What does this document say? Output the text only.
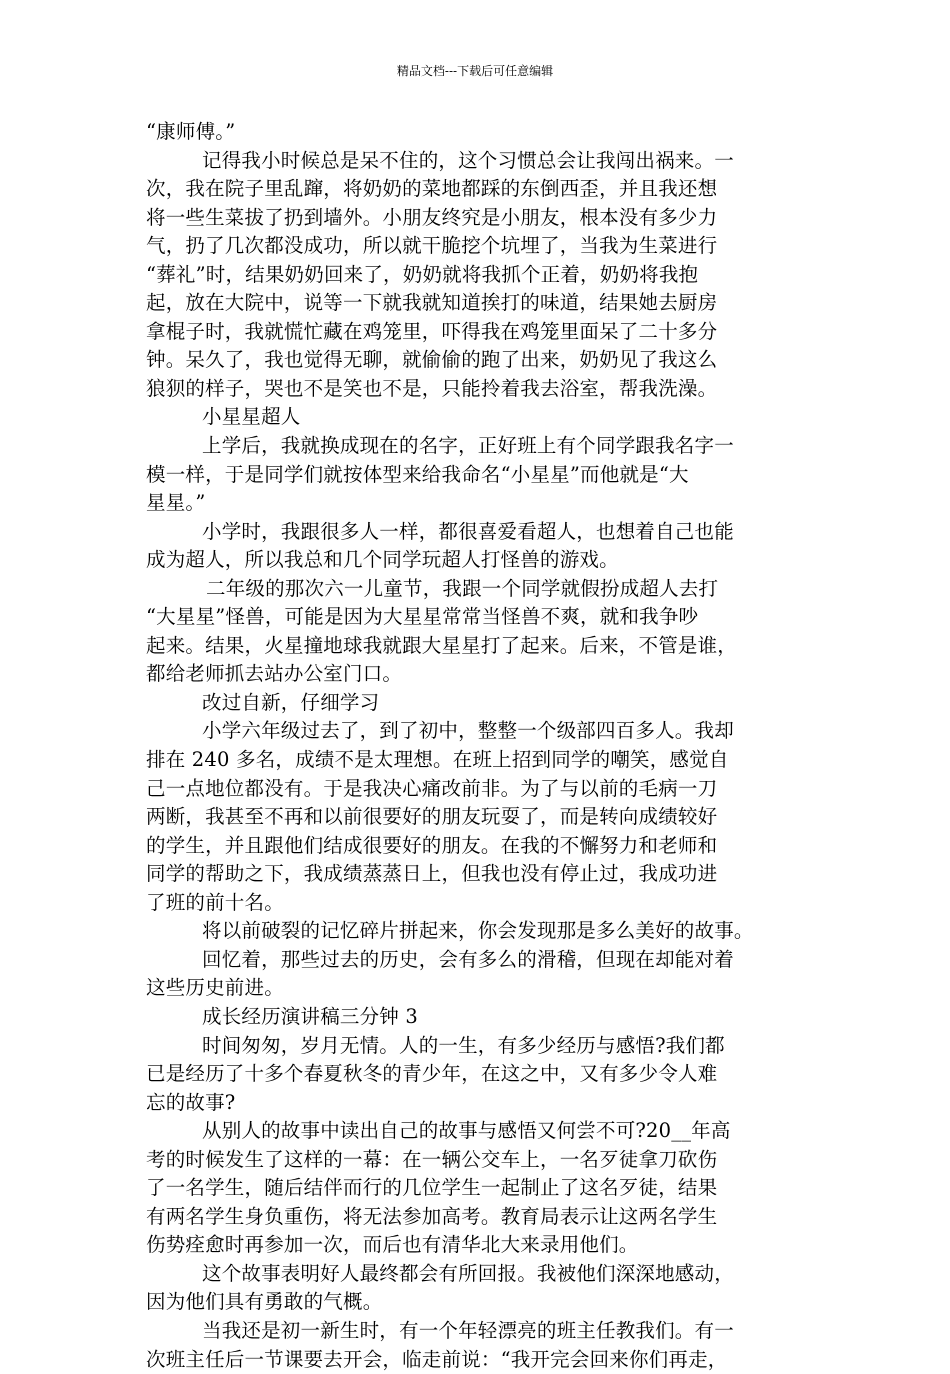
精品文档---下载后可任意编辑
“康师傅。”
记得我小时候总是呆不住的，这个习惯总会让我闯出祸来。一
次，我在院子里乱蹿，将奶奶的菜地都踩的东倒西歪，并且我还想
将一些生菜拔了扔到墙外。小朋友终究是小朋友，根本没有多少力
气，扔了几次都没成功，所以就干脆挖个坑埋了，当我为生菜进行
“葬礼”时，结果奶奶回来了，奶奶就将我抓个正着，奶奶将我抱
起，放在大院中，说等一下就我就知道挨打的味道，结果她去厨房
拿棍子时，我就慌忙藏在鸡笼里，吓得我在鸡笼里面呆了二十多分
钟。呆久了，我也觉得无聊，就偷偷的跑了出来，奶奶见了我这么
狼狈的样子，哭也不是笑也不是，只能拎着我去浴室，帮我洗澡。
小星星超人
上学后，我就换成现在的名字，正好班上有个同学跟我名字一
模一样，于是同学们就按体型来给我命名“小星星”而他就是“大
星星。”
小学时，我跟很多人一样，都很喜爱看超人，也想着自己也能
成为超人，所以我总和几个同学玩超人打怪兽的游戏。
二年级的那次六一儿童节，我跟一个同学就假扮成超人去打
“大星星”怪兽，可能是因为大星星常常当怪兽不爽，就和我争吵
起来。结果，火星撞地球我就跟大星星打了起来。后来，不管是谁，
都给老师抓去站办公室门口。
改过自新，仔细学习
小学六年级过去了，到了初中，整整一个级部四百多人。我却
排在 240 多名，成绩不是太理想。在班上招到同学的嘲笑，感觉自
己一点地位都没有。于是我决心痛改前非。为了与以前的毛病一刀
两断，我甚至不再和以前很要好的朋友玩耍了，而是转向成绩较好
的学生，并且跟他们结成很要好的朋友。在我的不懈努力和老师和
同学的帮助之下，我成绩蒸蒸日上，但我也没有停止过，我成功进
了班的前十名。
将以前破裂的记忆碎片拼起来，你会发现那是多么美好的故事。
回忆着，那些过去的历史，会有多么的滑稽，但现在却能对着
这些历史前进。
成长经历演讲稿三分钟 3
时间匆匆，岁月无情。人的一生，有多少经历与感悟?我们都
已是经历了十多个春夏秋冬的青少年，在这之中，又有多少令人难
忘的故事?
从别人的故事中读出自己的故事与感悟又何尝不可?20__年高
考的时候发生了这样的一幕：在一辆公交车上，一名歹徒拿刀砍伤
了一名学生，随后结伴而行的几位学生一起制止了这名歹徒，结果
有两名学生身负重伤，将无法参加高考。教育局表示让这两名学生
伤势痊愈时再参加一次，而后也有清华北大来录用他们。
这个故事表明好人最终都会有所回报。我被他们深深地感动，
因为他们具有勇敢的气概。
当我还是初一新生时，有一个年轻漂亮的班主任教我们。有一
次班主任后一节课要去开会，临走前说：“我开完会回来你们再走，
